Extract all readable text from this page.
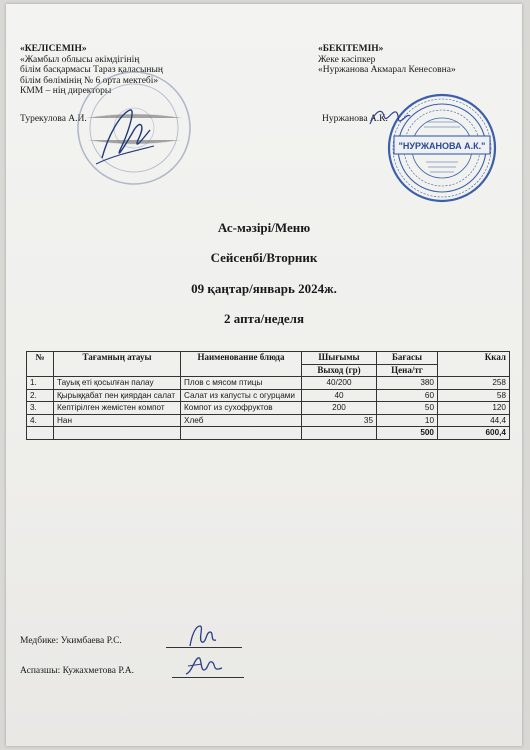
«КЕЛІСЕМІН»
«Жамбыл облысы әкімдігінің
білім басқармасы Тараз қаласының
білім бөлімінің № 6 орта мектебі»
КММ – нің директоры
Турекулова А.И.
«БЕКІТЕМІН»
Жеке кәсіпкер
«Нуржанова Акмарал Кенесовна»
Нуржанова А.К.
"НУРЖАНОВА А.К."
Ас-мәзірі/Меню
Сейсенбі/Вторник
09 қаңтар/январь 2024ж.
2 апта/неделя
№	Тағамның атауы	Наименование блюда	Шығымы	Бағасы	Ккал
			Выход (гр)	Цена/тг	
1.	Тауық еті қосылған палау	Плов с мясом птицы	40/200	380	258
2.	Қырыққабат пен қиярдан салат	Салат из капусты с огурцами	40	60	58
3.	Кептірілген жемістен компот	Компот из сухофруктов	200	50	120
4.	Нан	Хлеб	35	10	44,4
				500	600,4
Медбике: Укимбаева Р.С.
Аспазшы: Кужахметова Р.А.
